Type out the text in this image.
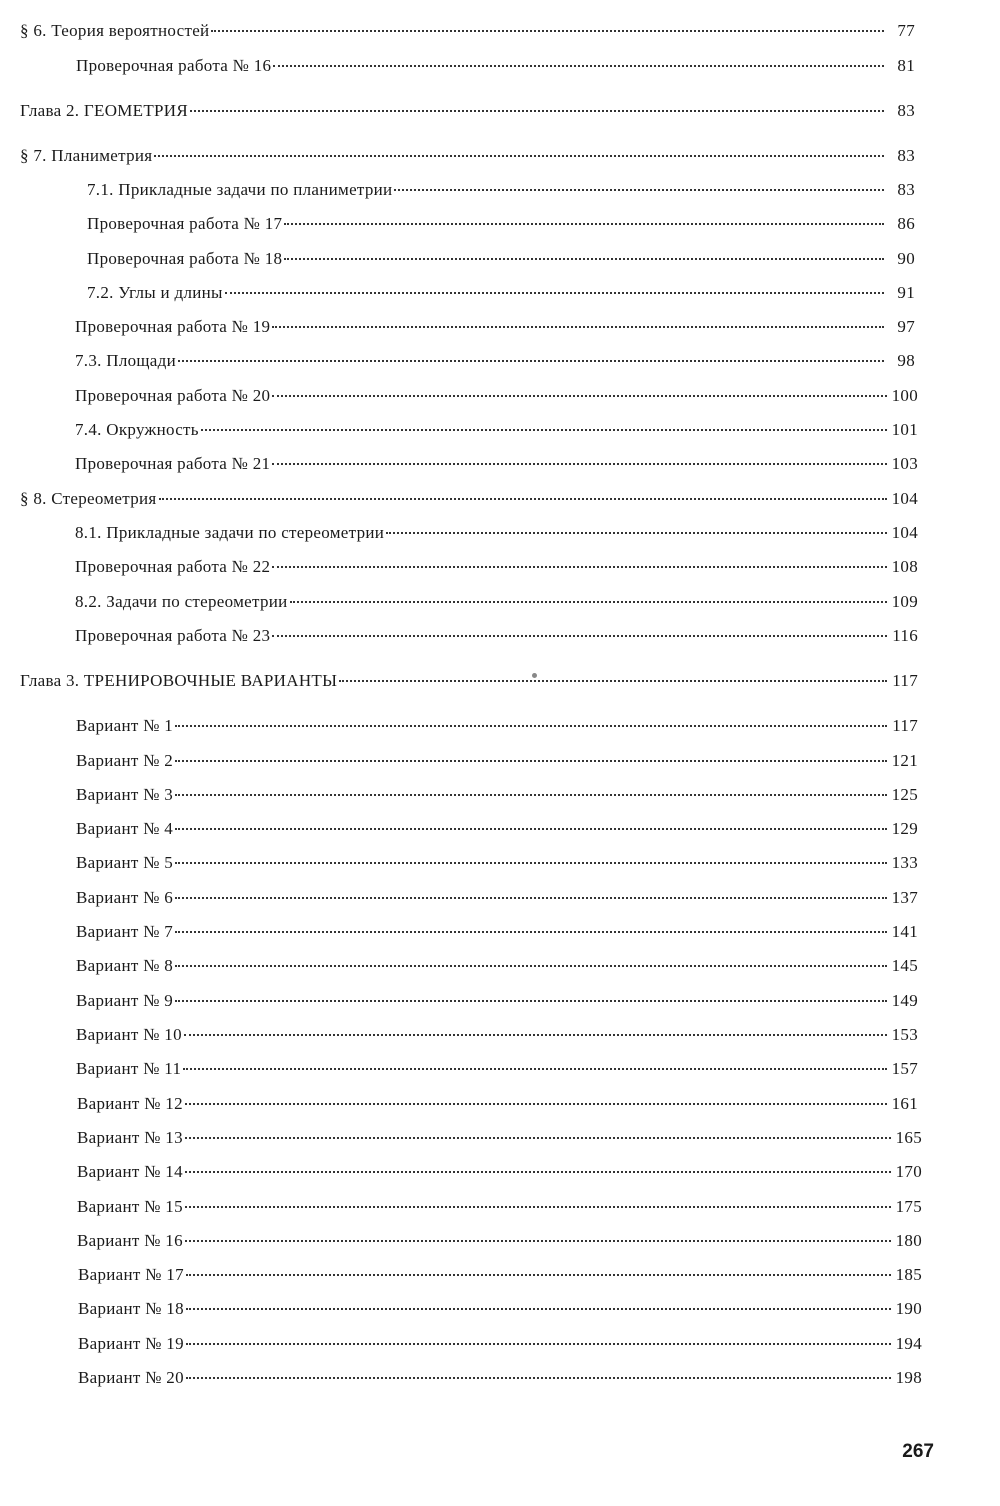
§ 6. Теория вероятностей	77
Проверочная работа № 16	81
Глава 2. ГЕОМЕТРИЯ	83
§ 7. Планиметрия	83
7.1. Прикладные задачи по планиметрии	83
Проверочная работа № 17	86
Проверочная работа № 18	90
7.2. Углы и длины	91
Проверочная работа № 19	97
7.3. Площади	98
Проверочная работа № 20	100
7.4. Окружность	101
Проверочная работа № 21	103
§ 8. Стереометрия	104
8.1. Прикладные задачи по стереометрии	104
Проверочная работа № 22	108
8.2. Задачи по стереометрии	109
Проверочная работа № 23	116
Глава 3. ТРЕНИРОВОЧНЫЕ ВАРИАНТЫ	117
Вариант № 1	117
Вариант № 2	121
Вариант № 3	125
Вариант № 4	129
Вариант № 5	133
Вариант № 6	137
Вариант № 7	141
Вариант № 8	145
Вариант № 9	149
Вариант № 10	153
Вариант № 11	157
Вариант № 12	161
Вариант № 13	165
Вариант № 14	170
Вариант № 15	175
Вариант № 16	180
Вариант № 17	185
Вариант № 18	190
Вариант № 19	194
Вариант № 20	198
267
